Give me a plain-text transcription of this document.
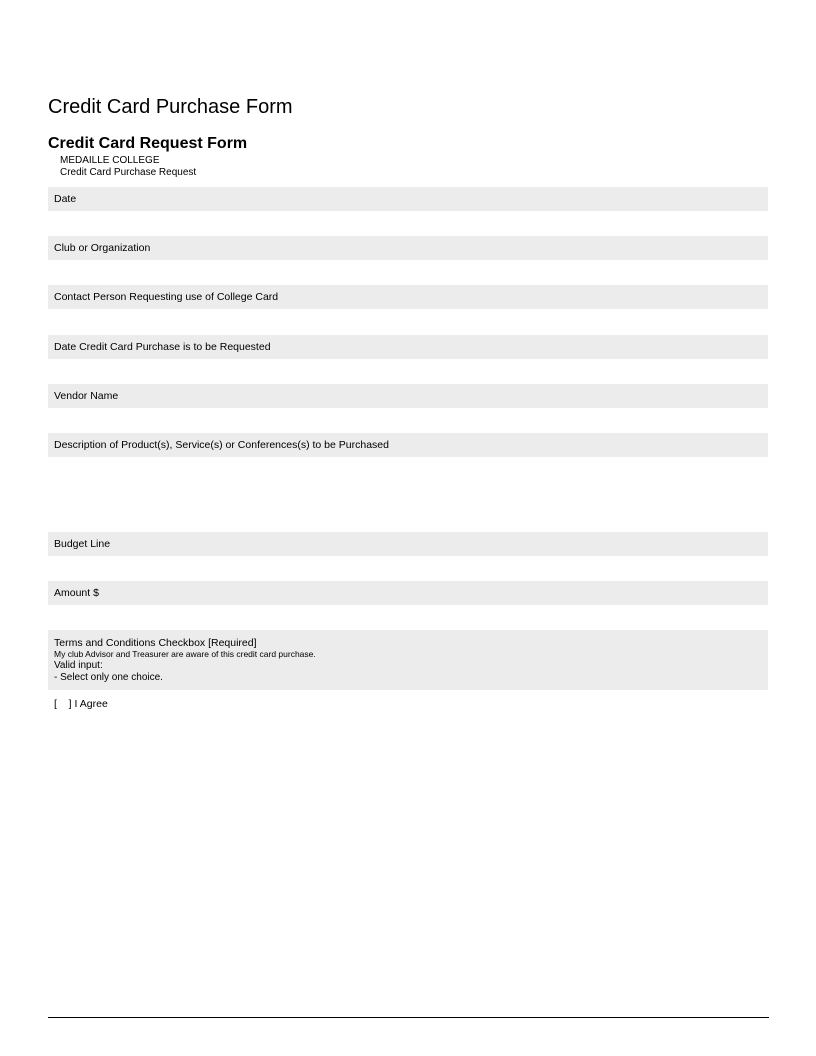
Credit Card Purchase Form
Credit Card Request Form
MEDAILLE COLLEGE
Credit Card Purchase Request
Date
Club or Organization
Contact Person Requesting use of College Card
Date Credit Card Purchase is to be Requested
Vendor Name
Description of Product(s), Service(s) or Conferences(s) to be Purchased
Budget Line
Amount $
Terms and Conditions Checkbox [Required]
My club Advisor and Treasurer are aware of this credit card purchase.
Valid input:
- Select only one choice.
[    ] I Agree
